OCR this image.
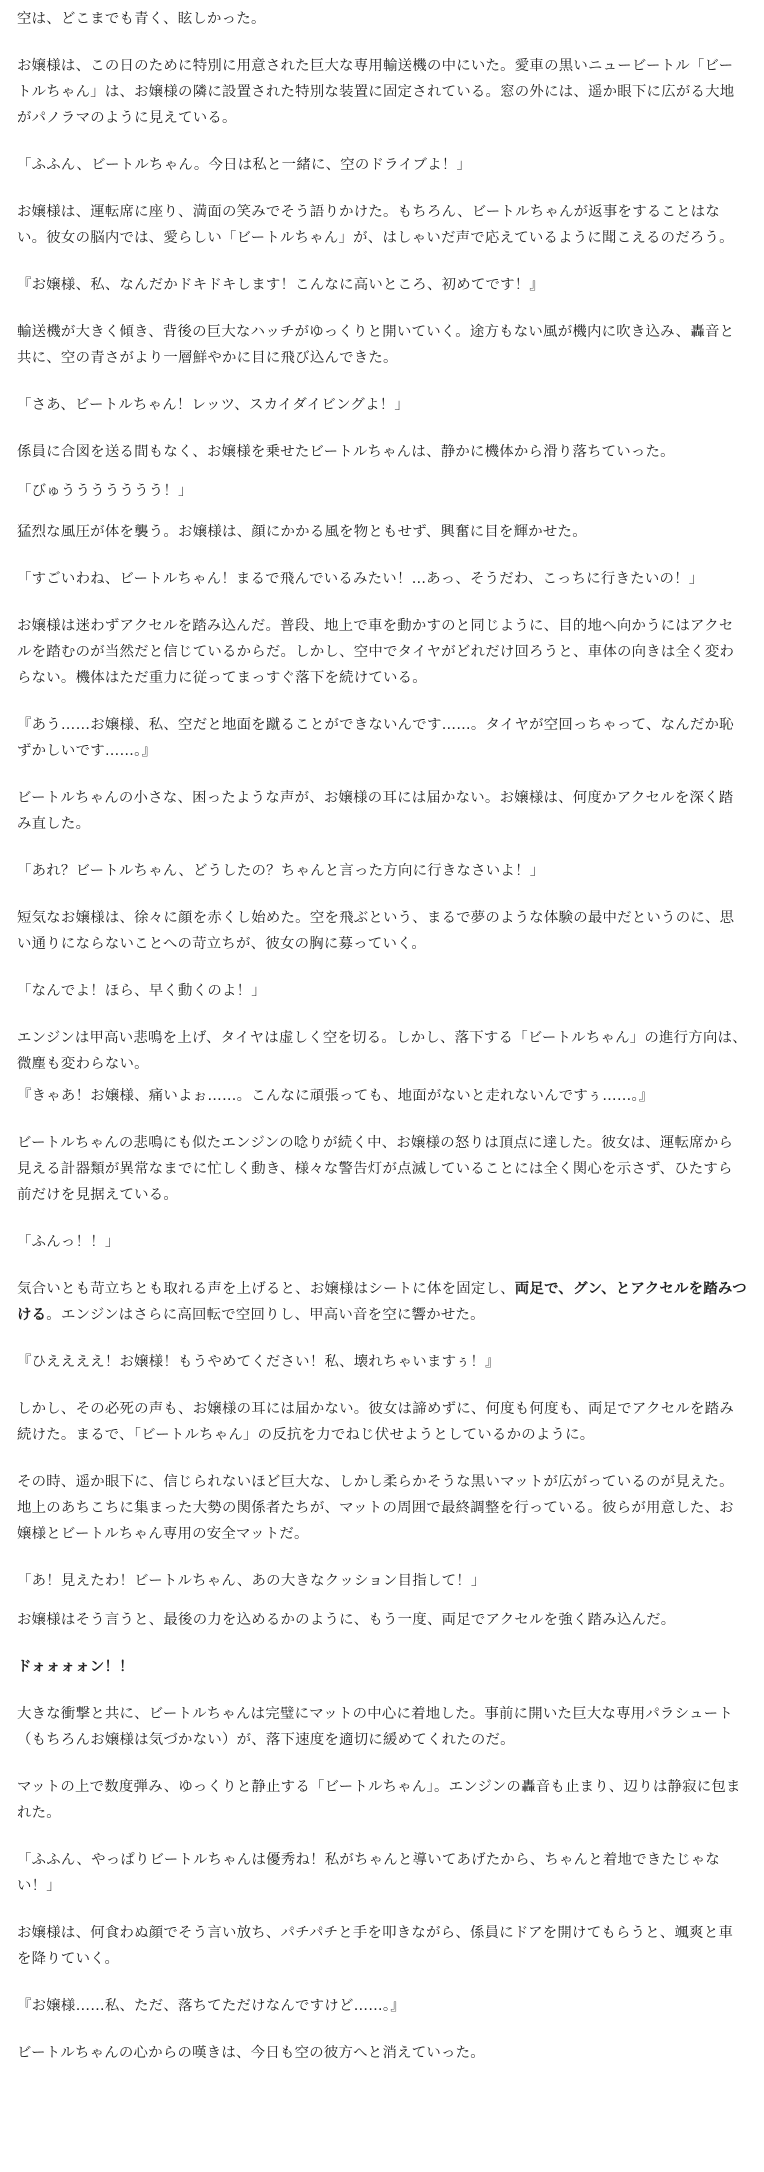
空は、どこまでも青く、眩しかった。

お嬢様は、この日のために特別に用意された巨大な専用輸送機の中にいた。愛車の黒いニュービートル「ビートルちゃん」は、お嬢様の隣に設置された特別な装置に固定されている。窓の外には、遥か眼下に広がる大地がパノラマのように見えている。

「ふふん、ビートルちゃん。今日は私と一緒に、空のドライブよ！」

お嬢様は、運転席に座り、満面の笑みでそう語りかけた。もちろん、ビートルちゃんが返事をすることはない。彼女の脳内では、愛らしい「ビートルちゃん」が、はしゃいだ声で応えているように聞こえるのだろう。

『お嬢様、私、なんだかドキドキします！こんなに高いところ、初めてです！』

輸送機が大きく傾き、背後の巨大なハッチがゆっくりと開いていく。途方もない風が機内に吹き込み、轟音と共に、空の青さがより一層鮮やかに目に飛び込んできた。

「さあ、ビートルちゃん！レッツ、スカイダイビングよ！」

係員に合図を送る間もなく、お嬢様を乗せたビートルちゃんは、静かに機体から滑り落ちていった。

「びゅううううううう！」

猛烈な風圧が体を襲う。お嬢様は、顔にかかる風を物ともせず、興奮に目を輝かせた。

「すごいわね、ビートルちゃん！まるで飛んでいるみたい！…あっ、そうだわ、こっちに行きたいの！」

お嬢様は迷わずアクセルを踏み込んだ。普段、地上で車を動かすのと同じように、目的地へ向かうにはアクセルを踏むのが当然だと信じているからだ。しかし、空中でタイヤがどれだけ回ろうと、車体の向きは全く変わらない。機体はただ重力に従ってまっすぐ落下を続けている。

『あう……お嬢様、私、空だと地面を蹴ることができないんです……。タイヤが空回っちゃって、なんだか恥ずかしいです……。』

ビートルちゃんの小さな、困ったような声が、お嬢様の耳には届かない。お嬢様は、何度かアクセルを深く踏み直した。

「あれ？ビートルちゃん、どうしたの？ちゃんと言った方向に行きなさいよ！」

短気なお嬢様は、徐々に顔を赤くし始めた。空を飛ぶという、まるで夢のような体験の最中だというのに、思い通りにならないことへの苛立ちが、彼女の胸に募っていく。

「なんでよ！ほら、早く動くのよ！」

エンジンは甲高い悲鳴を上げ、タイヤは虚しく空を切る。しかし、落下する「ビートルちゃん」の進行方向は、微塵も変わらない。

『きゃあ！お嬢様、痛いよぉ……。こんなに頑張っても、地面がないと走れないんですぅ……。』

ビートルちゃんの悲鳴にも似たエンジンの唸りが続く中、お嬢様の怒りは頂点に達した。彼女は、運転席から見える計器類が異常なまでに忙しく動き、様々な警告灯が点滅していることには全く関心を示さず、ひたすら前だけを見据えている。

「ふんっ！！」

気合いとも苛立ちとも取れる声を上げると、お嬢様はシートに体を固定し、両足で、グン、とアクセルを踏みつける。エンジンはさらに高回転で空回りし、甲高い音を空に響かせた。

『ひええええ！お嬢様！もうやめてください！私、壊れちゃいますぅ！』

しかし、その必死の声も、お嬢様の耳には届かない。彼女は諦めずに、何度も何度も、両足でアクセルを踏み続けた。まるで、「ビートルちゃん」の反抗を力でねじ伏せようとしているかのように。

その時、遥か眼下に、信じられないほど巨大な、しかし柔らかそうな黒いマットが広がっているのが見えた。地上のあちこちに集まった大勢の関係者たちが、マットの周囲で最終調整を行っている。彼らが用意した、お嬢様とビートルちゃん専用の安全マットだ。

「あ！見えたわ！ビートルちゃん、あの大きなクッション目指して！」

お嬢様はそう言うと、最後の力を込めるかのように、もう一度、両足でアクセルを強く踏み込んだ。

ドォォォォン！！

大きな衝撃と共に、ビートルちゃんは完璧にマットの中心に着地した。事前に開いた巨大な専用パラシュート（もちろんお嬢様は気づかない）が、落下速度を適切に緩めてくれたのだ。

マットの上で数度弾み、ゆっくりと静止する「ビートルちゃん」。エンジンの轟音も止まり、辺りは静寂に包まれた。

「ふふん、やっぱりビートルちゃんは優秀ね！私がちゃんと導いてあげたから、ちゃんと着地できたじゃない！」

お嬢様は、何食わぬ顔でそう言い放ち、パチパチと手を叩きながら、係員にドアを開けてもらうと、颯爽と車を降りていく。

『お嬢様……私、ただ、落ちてただけなんですけど……。』

ビートルちゃんの心からの嘆きは、今日も空の彼方へと消えていった。
